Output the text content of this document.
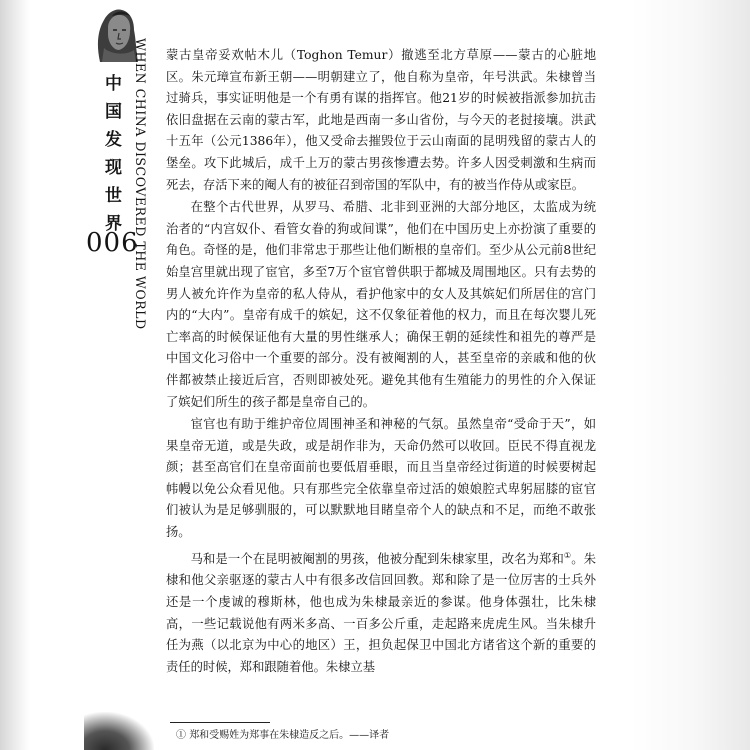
中国发现世界 WHEN CHINA DISCOVERED THE WORLD
006

蒙古皇帝妥欢帖木儿（Toghon Temur）撤逃至北方草原——蒙古的心脏地区。朱元璋宣布新王朝——明朝建立了，他自称为皇帝，年号洪武。朱棣曾当过骑兵，事实证明他是一个有勇有谋的指挥官。他21岁的时候被指派参加抗击依旧盘据在云南的蒙古军，此地是西南一多山省份，与今天的老挝接壤。洪武十五年（公元1386年），他又受命去摧毁位于云山南面的昆明残留的蒙古人的堡垒。攻下此城后，成千上万的蒙古男孩惨遭去势。许多人因受刺激和生病而死去，存活下来的阉人有的被征召到帝国的军队中，有的被当作侍从或家臣。

在整个古代世界，从罗马、希腊、北非到亚洲的大部分地区，太监成为统治者的“内宫奴仆、看管女眷的狗或间谍”，他们在中国历史上亦扮演了重要的角色。奇怪的是，他们非常忠于那些让他们断根的皇帝们。至少从公元前8世纪始皇宫里就出现了宦官，多至7万个宦官曾供职于都城及周围地区。只有去势的男人被允许作为皇帝的私人侍从，看护他家中的女人及其嫔妃们所居住的宫门内的“大内”。皇帝有成千的嫔妃，这不仅象征着他的权力，而且在每次婴儿死亡率高的时候保证他有大量的男性继承人；确保王朝的延续性和祖先的尊严是中国文化习俗中一个重要的部分。没有被阉割的人，甚至皇帝的亲戚和他的伙伴都被禁止接近后宫，否则即被处死。避免其他有生殖能力的男性的介入保证了嫔妃们所生的孩子都是皇帝自己的。

宦官也有助于维护帝位周围神圣和神秘的气氛。虽然皇帝“受命于天”，如果皇帝无道，或是失政，或是胡作非为，天命仍然可以收回。臣民不得直视龙颜；甚至高官们在皇帝面前也要低眉垂眼，而且当皇帝经过街道的时候要树起帏幔以免公众看见他。只有那些完全依靠皇帝过活的娘娘腔式卑躬屈膝的宦官们被认为是足够驯服的，可以默默地目睹皇帝个人的缺点和不足，而绝不敢张扬。

马和是一个在昆明被阉割的男孩，他被分配到朱棣家里，改名为郑和①。朱棣和他父亲驱逐的蒙古人中有很多改信回回教。郑和除了是一位厉害的士兵外还是一个虔诚的穆斯林，他也成为朱棣最亲近的参谋。他身体强壮，比朱棣高，一些记载说他有两米多高、一百多公斤重，走起路来虎虎生风。当朱棣升任为燕（以北京为中心的地区）王，担负起保卫中国北方诸省这个新的重要的责任的时候，郑和跟随着他。朱棣立基

① 郑和受赐姓为郑事在朱棣造反之后。——译者
